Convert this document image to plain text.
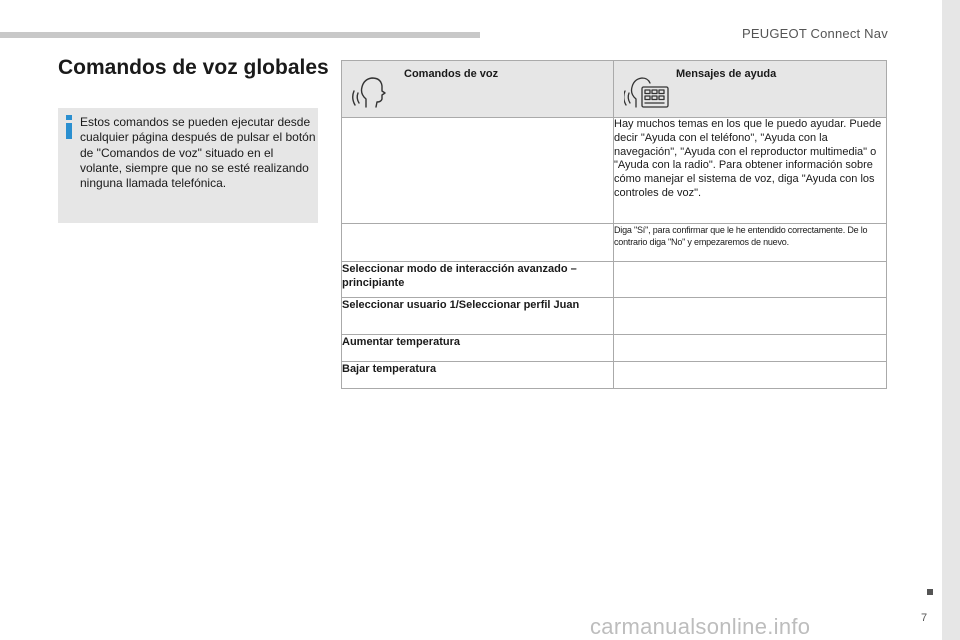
PEUGEOT Connect Nav
7
Comandos de voz globales
Estos comandos se pueden ejecutar desde cualquier página después de pulsar el botón de "Comandos de voz" situado en el volante, siempre que no se esté realizando ninguna llamada telefónica.
Comandos de voz	Mensajes de ayuda

	Hay muchos temas en los que le puedo ayudar. Puede decir "Ayuda con el teléfono", "Ayuda con la navegación", "Ayuda con el reproductor multimedia" o "Ayuda con la radio". Para obtener información sobre cómo manejar el sistema de voz, diga "Ayuda con los controles de voz".
	Diga "Sí", para confirmar que le he entendido correctamente. De lo contrario diga "No" y empezaremos de nuevo.
Seleccionar modo de interacción avanzado – principiante	
Seleccionar usuario 1/Seleccionar perfil Juan	
Aumentar temperatura	
Bajar temperatura	
carmanualsonline.info
